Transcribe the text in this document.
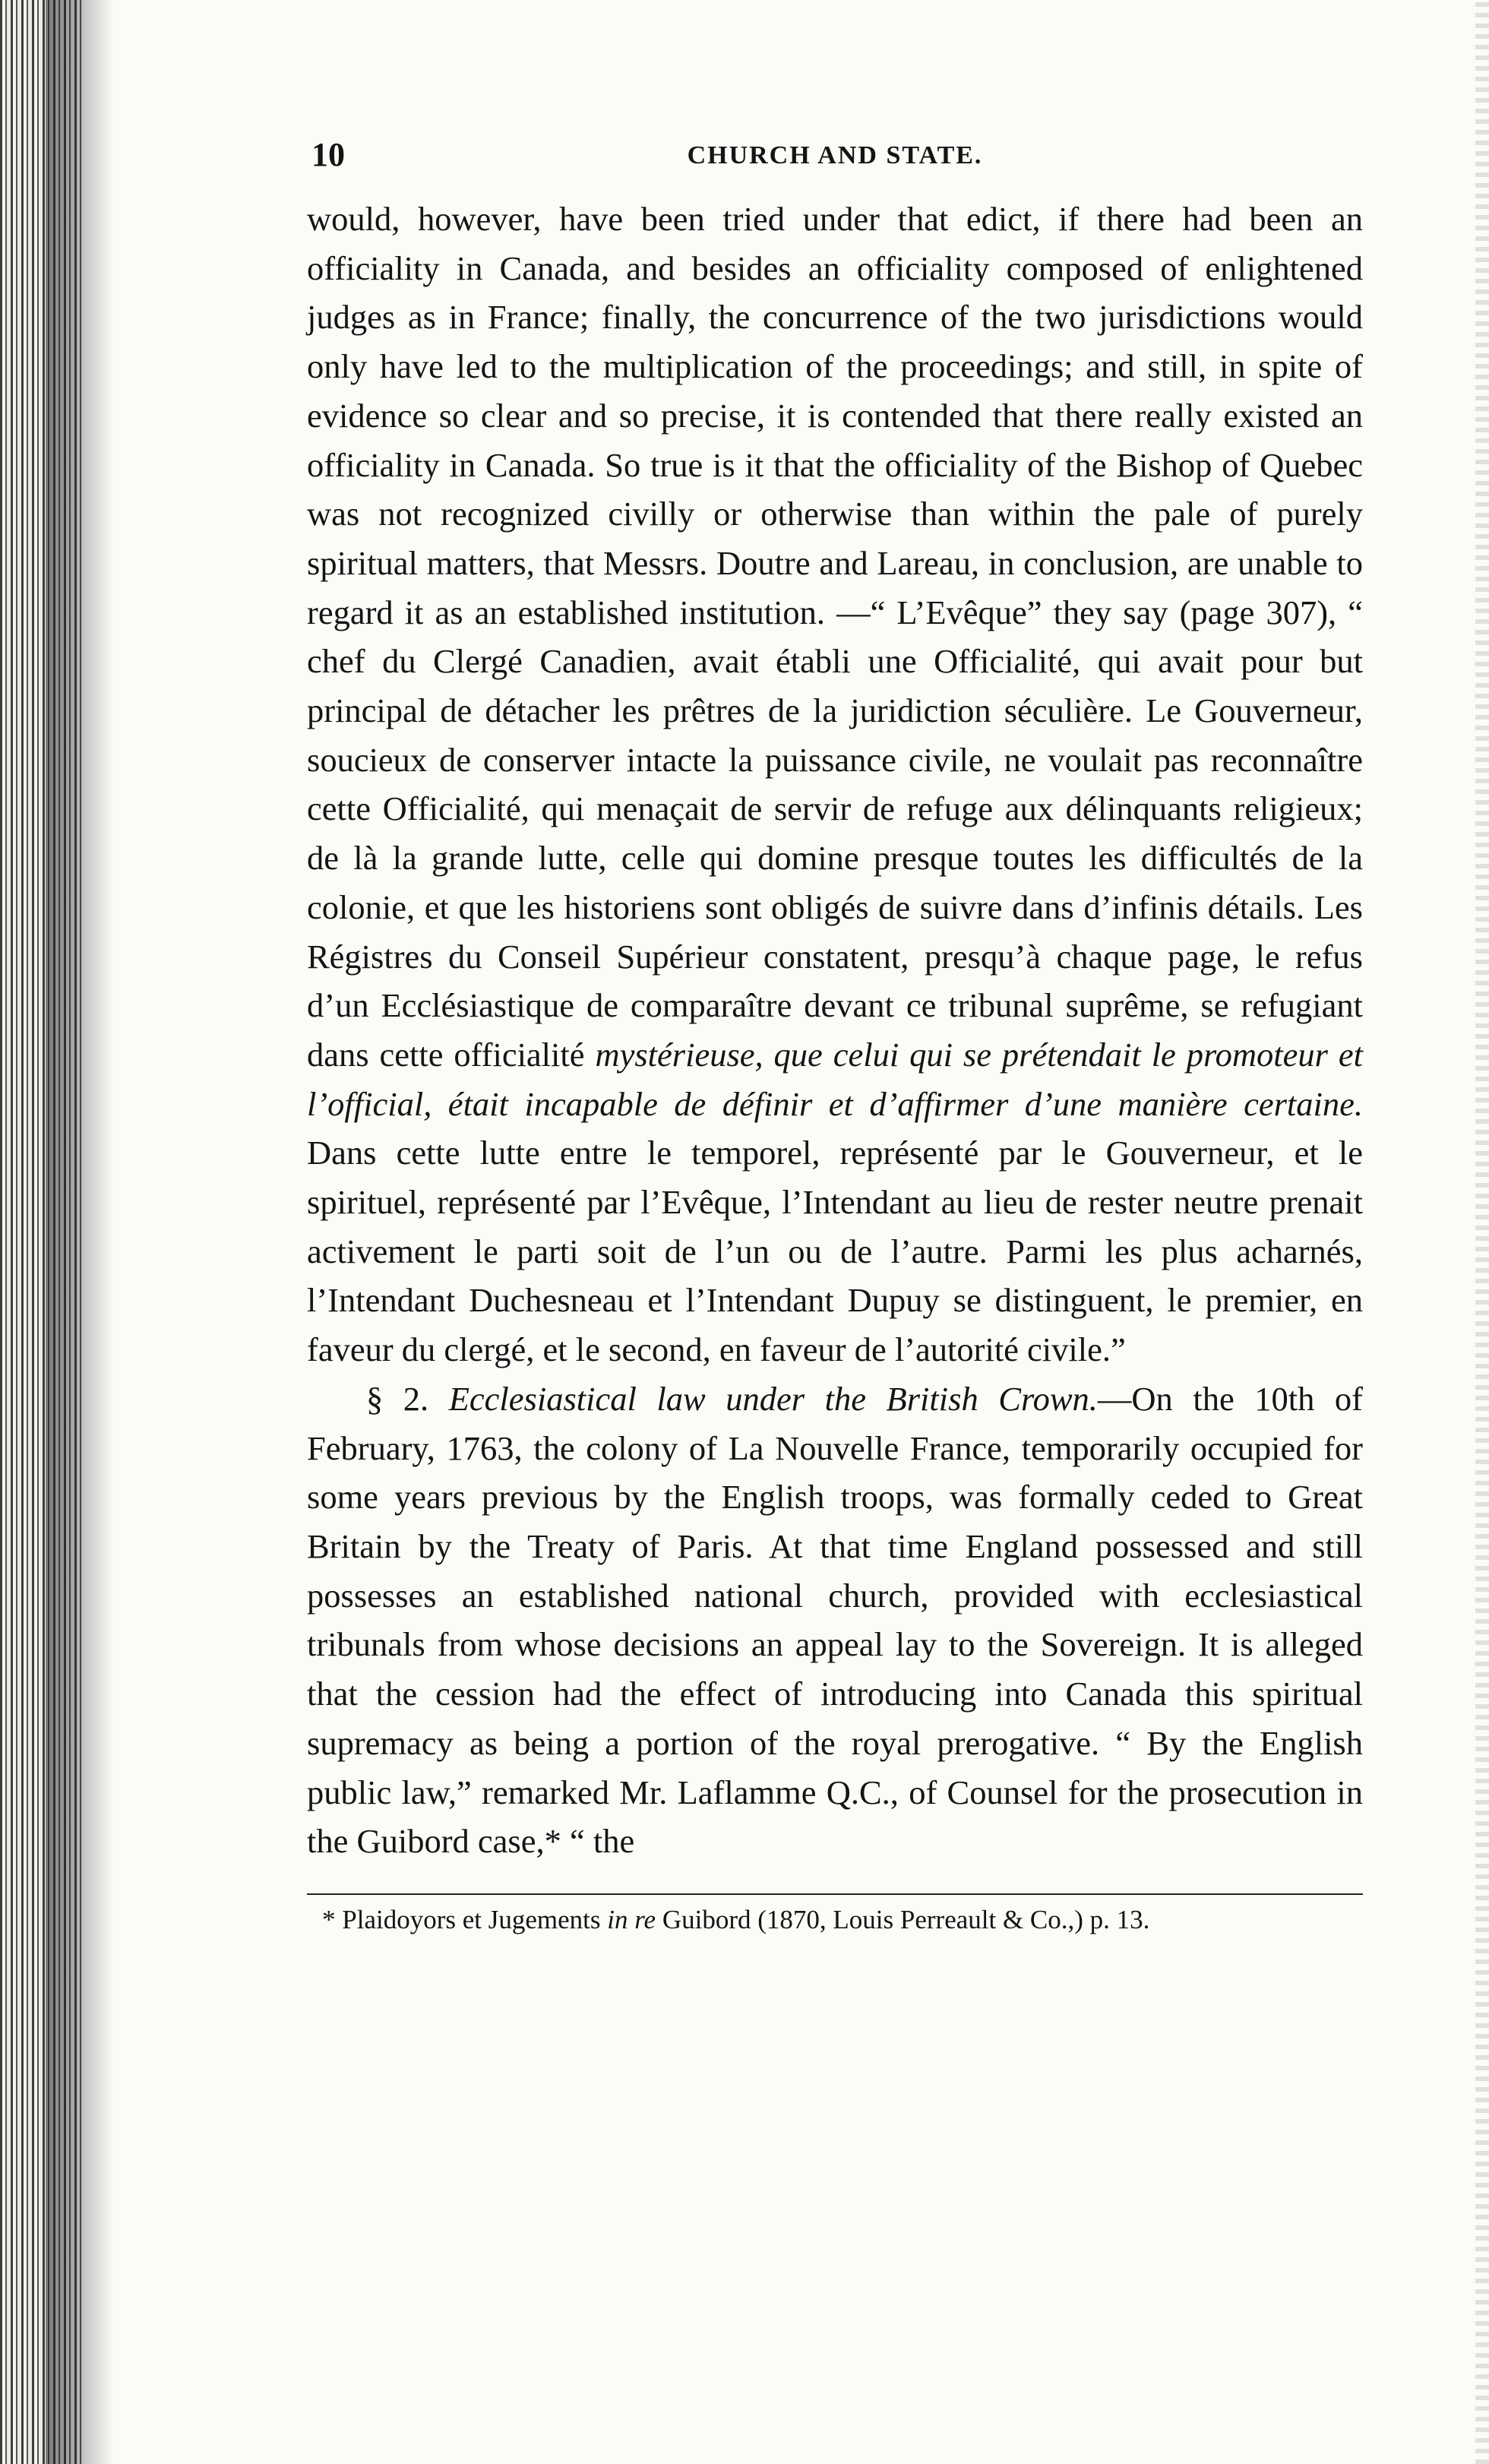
10	CHURCH AND STATE.

would, however, have been tried under that edict, if there had been an officiality in Canada, and besides an officiality composed of enlightened judges as in France; finally, the concurrence of the two jurisdictions would only have led to the multiplication of the proceedings; and still, in spite of evidence so clear and so precise, it is contended that there really existed an officiality in Canada. So true is it that the officiality of the Bishop of Quebec was not recognized civilly or otherwise than within the pale of purely spiritual matters, that Messrs. Doutre and Lareau, in conclusion, are unable to regard it as an established institution. —“ L’Evêque” they say (page 307), “ chef du Clergé Canadien, avait établi une Officialité, qui avait pour but principal de détacher les prêtres de la juridiction séculière. Le Gouverneur, soucieux de conserver intacte la puissance civile, ne voulait pas reconnaître cette Officialité, qui menaçait de servir de refuge aux délinquants religieux; de là la grande lutte, celle qui domine presque toutes les difficultés de la colonie, et que les historiens sont obligés de suivre dans d’infinis détails. Les Régistres du Conseil Supérieur constatent, presqu’à chaque page, le refus d’un Ecclésiastique de comparaître devant ce tribunal suprême, se refugiant dans cette officialité mystérieuse, que celui qui se prétendait le promoteur et l’official, était incapable de définir et d’affirmer d’une manière certaine. Dans cette lutte entre le temporel, représenté par le Gouverneur, et le spirituel, représenté par l’Evêque, l’Intendant au lieu de rester neutre prenait activement le parti soit de l’un ou de l’autre. Parmi les plus acharnés, l’Intendant Duchesneau et l’Intendant Dupuy se distinguent, le premier, en faveur du clergé, et le second, en faveur de l’autorité civile.”

§ 2. Ecclesiastical law under the British Crown.—On the 10th of February, 1763, the colony of La Nouvelle France, temporarily occupied for some years previous by the English troops, was formally ceded to Great Britain by the Treaty of Paris. At that time England possessed and still possesses an established national church, provided with ecclesiastical tribunals from whose decisions an appeal lay to the Sovereign. It is alleged that the cession had the effect of introducing into Canada this spiritual supremacy as being a portion of the royal prerogative. “ By the English public law,” remarked Mr. Laflamme Q.C., of Counsel for the prosecution in the Guibord case,* “ the

* Plaidoyors et Jugements in re Guibord (1870, Louis Perreault & Co.,) p. 13.
